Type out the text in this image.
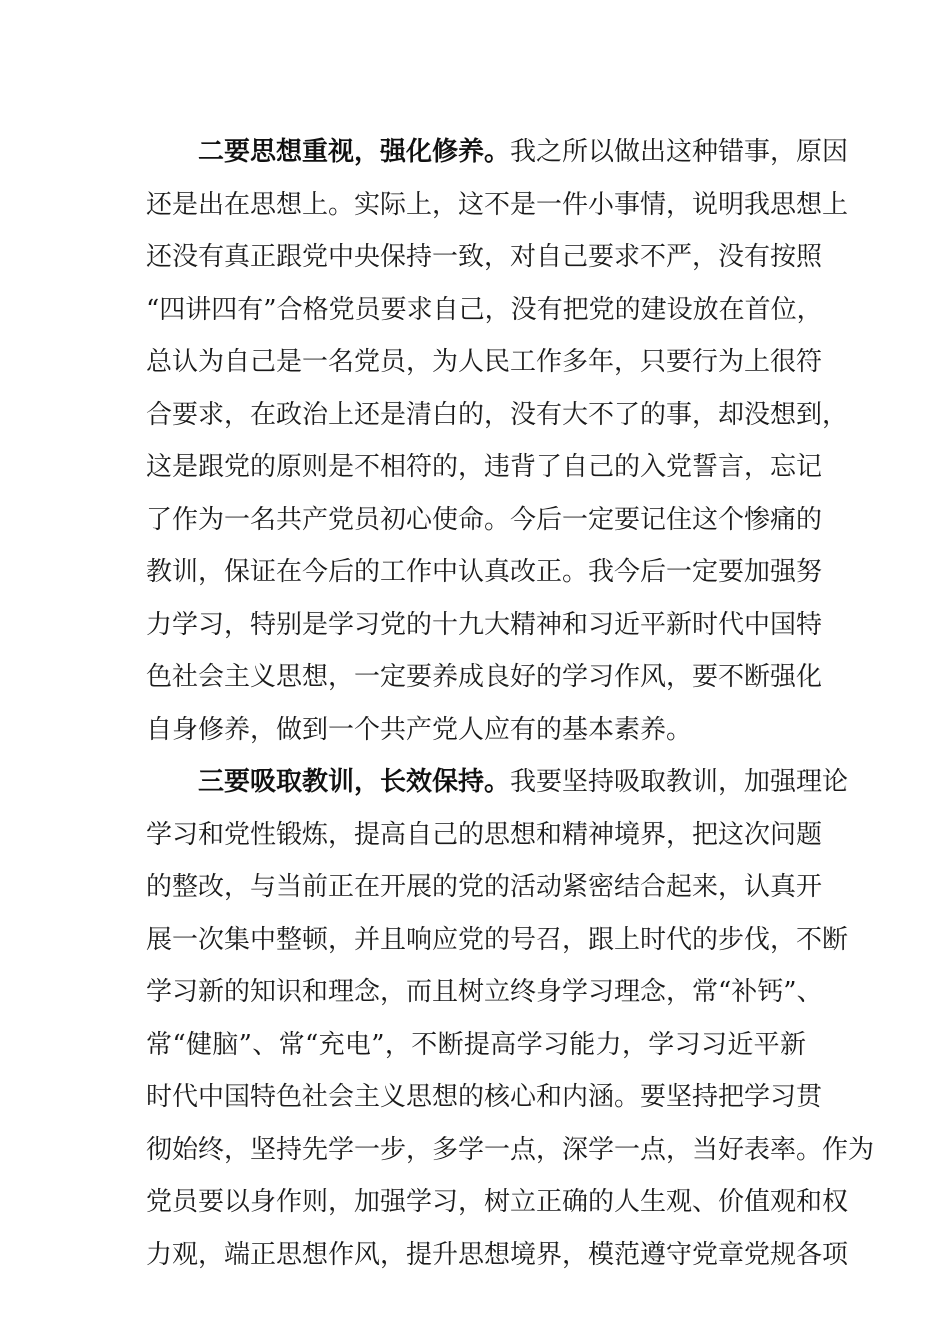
二要思想重视，强化修养。我之所以做出这种错事，原因
还是出在思想上。实际上，这不是一件小事情，说明我思想上
还没有真正跟党中央保持一致，对自己要求不严，没有按照
“四讲四有”合格党员要求自己，没有把党的建设放在首位，
总认为自己是一名党员，为人民工作多年，只要行为上很符
合要求，在政治上还是清白的，没有大不了的事，却没想到，
这是跟党的原则是不相符的，违背了自己的入党誓言，忘记
了作为一名共产党员初心使命。今后一定要记住这个惨痛的
教训，保证在今后的工作中认真改正。我今后一定要加强努
力学习，特别是学习党的十九大精神和习近平新时代中国特
色社会主义思想，一定要养成良好的学习作风，要不断强化
自身修养，做到一个共产党人应有的基本素养。
三要吸取教训，长效保持。我要坚持吸取教训，加强理论
学习和党性锻炼，提高自己的思想和精神境界，把这次问题
的整改，与当前正在开展的党的活动紧密结合起来，认真开
展一次集中整顿，并且响应党的号召，跟上时代的步伐，不断
学习新的知识和理念，而且树立终身学习理念，常“补钙”、
常“健脑”、常“充电”，不断提高学习能力，学习习近平新
时代中国特色社会主义思想的核心和内涵。要坚持把学习贯
彻始终，坚持先学一步，多学一点，深学一点，当好表率。作为
党员要以身作则，加强学习，树立正确的人生观、价值观和权
力观，端正思想作风，提升思想境界，模范遵守党章党规各项
